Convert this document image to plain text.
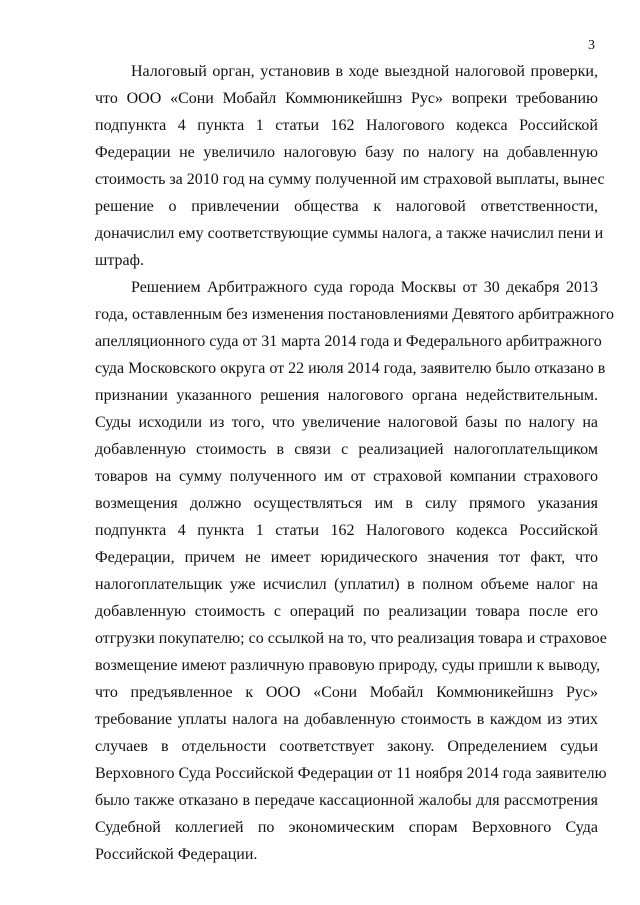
3

Налоговый орган, установив в ходе выездной налоговой проверки,
что ООО «Сони Мобайл Коммюникейшнз Рус» вопреки требованию
подпункта 4 пункта 1 статьи 162 Налогового кодекса Российской
Федерации не увеличило налоговую базу по налогу на добавленную
стоимость за 2010 год на сумму полученной им страховой выплаты, вынес
решение о привлечении общества к налоговой ответственности,
доначислил ему соответствующие суммы налога, а также начислил пени и
штраф.

Решением Арбитражного суда города Москвы от 30 декабря 2013
года, оставленным без изменения постановлениями Девятого арбитражного
апелляционного суда от 31 марта 2014 года и Федерального арбитражного
суда Московского округа от 22 июля 2014 года, заявителю было отказано в
признании указанного решения налогового органа недействительным.
Суды исходили из того, что увеличение налоговой базы по налогу на
добавленную стоимость в связи с реализацией налогоплательщиком
товаров на сумму полученного им от страховой компании страхового
возмещения должно осуществляться им в силу прямого указания
подпункта 4 пункта 1 статьи 162 Налогового кодекса Российской
Федерации, причем не имеет юридического значения тот факт, что
налогоплательщик уже исчислил (уплатил) в полном объеме налог на
добавленную стоимость с операций по реализации товара после его
отгрузки покупателю; со ссылкой на то, что реализация товара и страховое
возмещение имеют различную правовую природу, суды пришли к выводу,
что предъявленное к ООО «Сони Мобайл Коммюникейшнз Рус»
требование уплаты налога на добавленную стоимость в каждом из этих
случаев в отдельности соответствует закону. Определением судьи
Верховного Суда Российской Федерации от 11 ноября 2014 года заявителю
было также отказано в передаче кассационной жалобы для рассмотрения
Судебной коллегией по экономическим спорам Верховного Суда
Российской Федерации.
